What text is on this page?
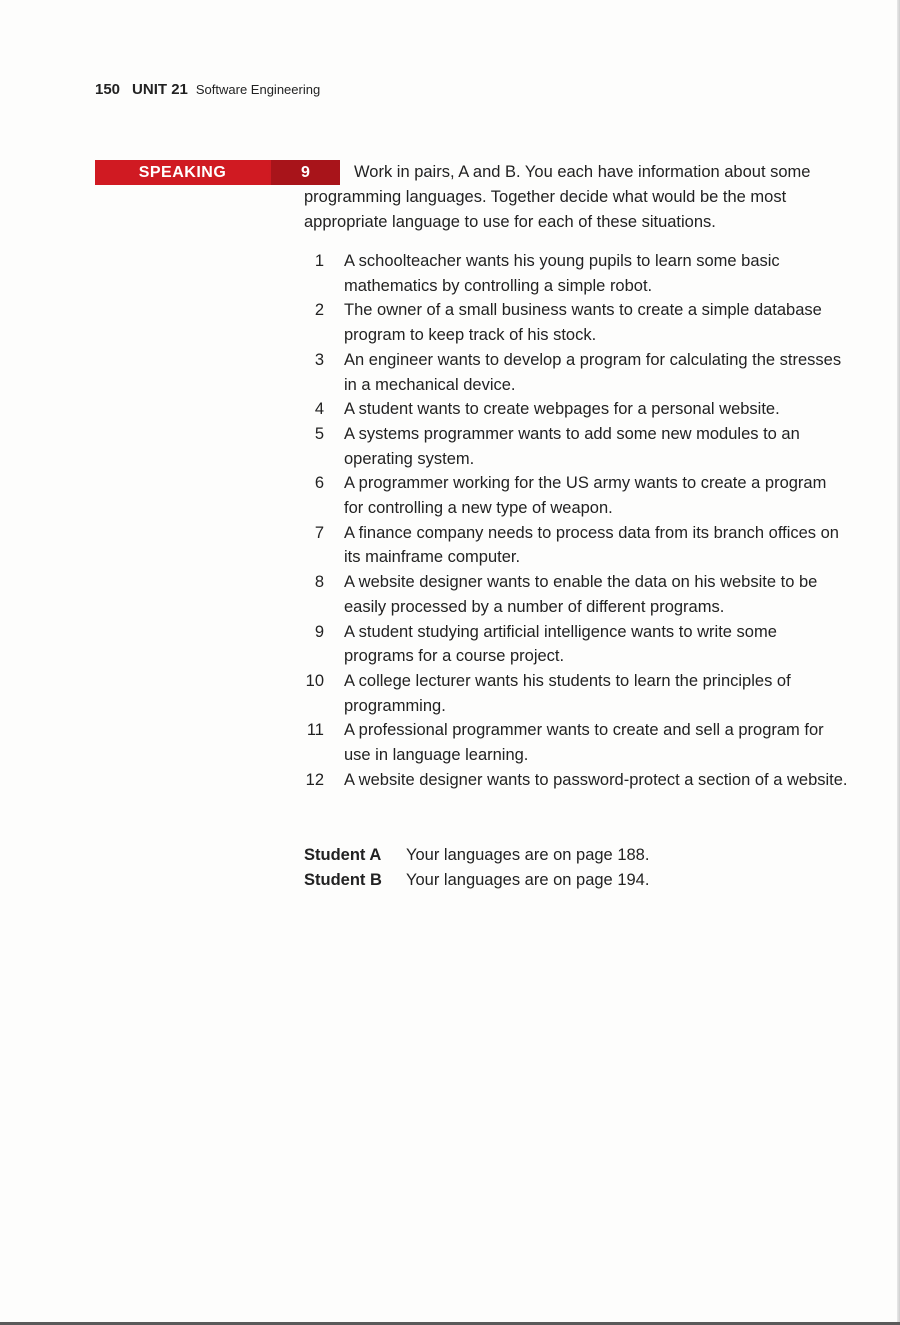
150 UNIT 21 Software Engineering
SPEAKING	9	Work in pairs, A and B. You each have information about some programming languages. Together decide what would be the most appropriate language to use for each of these situations.
1 A schoolteacher wants his young pupils to learn some basic mathematics by controlling a simple robot.
2 The owner of a small business wants to create a simple database program to keep track of his stock.
3 An engineer wants to develop a program for calculating the stresses in a mechanical device.
4 A student wants to create webpages for a personal website.
5 A systems programmer wants to add some new modules to an operating system.
6 A programmer working for the US army wants to create a program for controlling a new type of weapon.
7 A finance company needs to process data from its branch offices on its mainframe computer.
8 A website designer wants to enable the data on his website to be easily processed by a number of different programs.
9 A student studying artificial intelligence wants to write some programs for a course project.
10 A college lecturer wants his students to learn the principles of programming.
11 A professional programmer wants to create and sell a program for use in language learning.
12 A website designer wants to password-protect a section of a website.
Student A	Your languages are on page 188.
Student B	Your languages are on page 194.
